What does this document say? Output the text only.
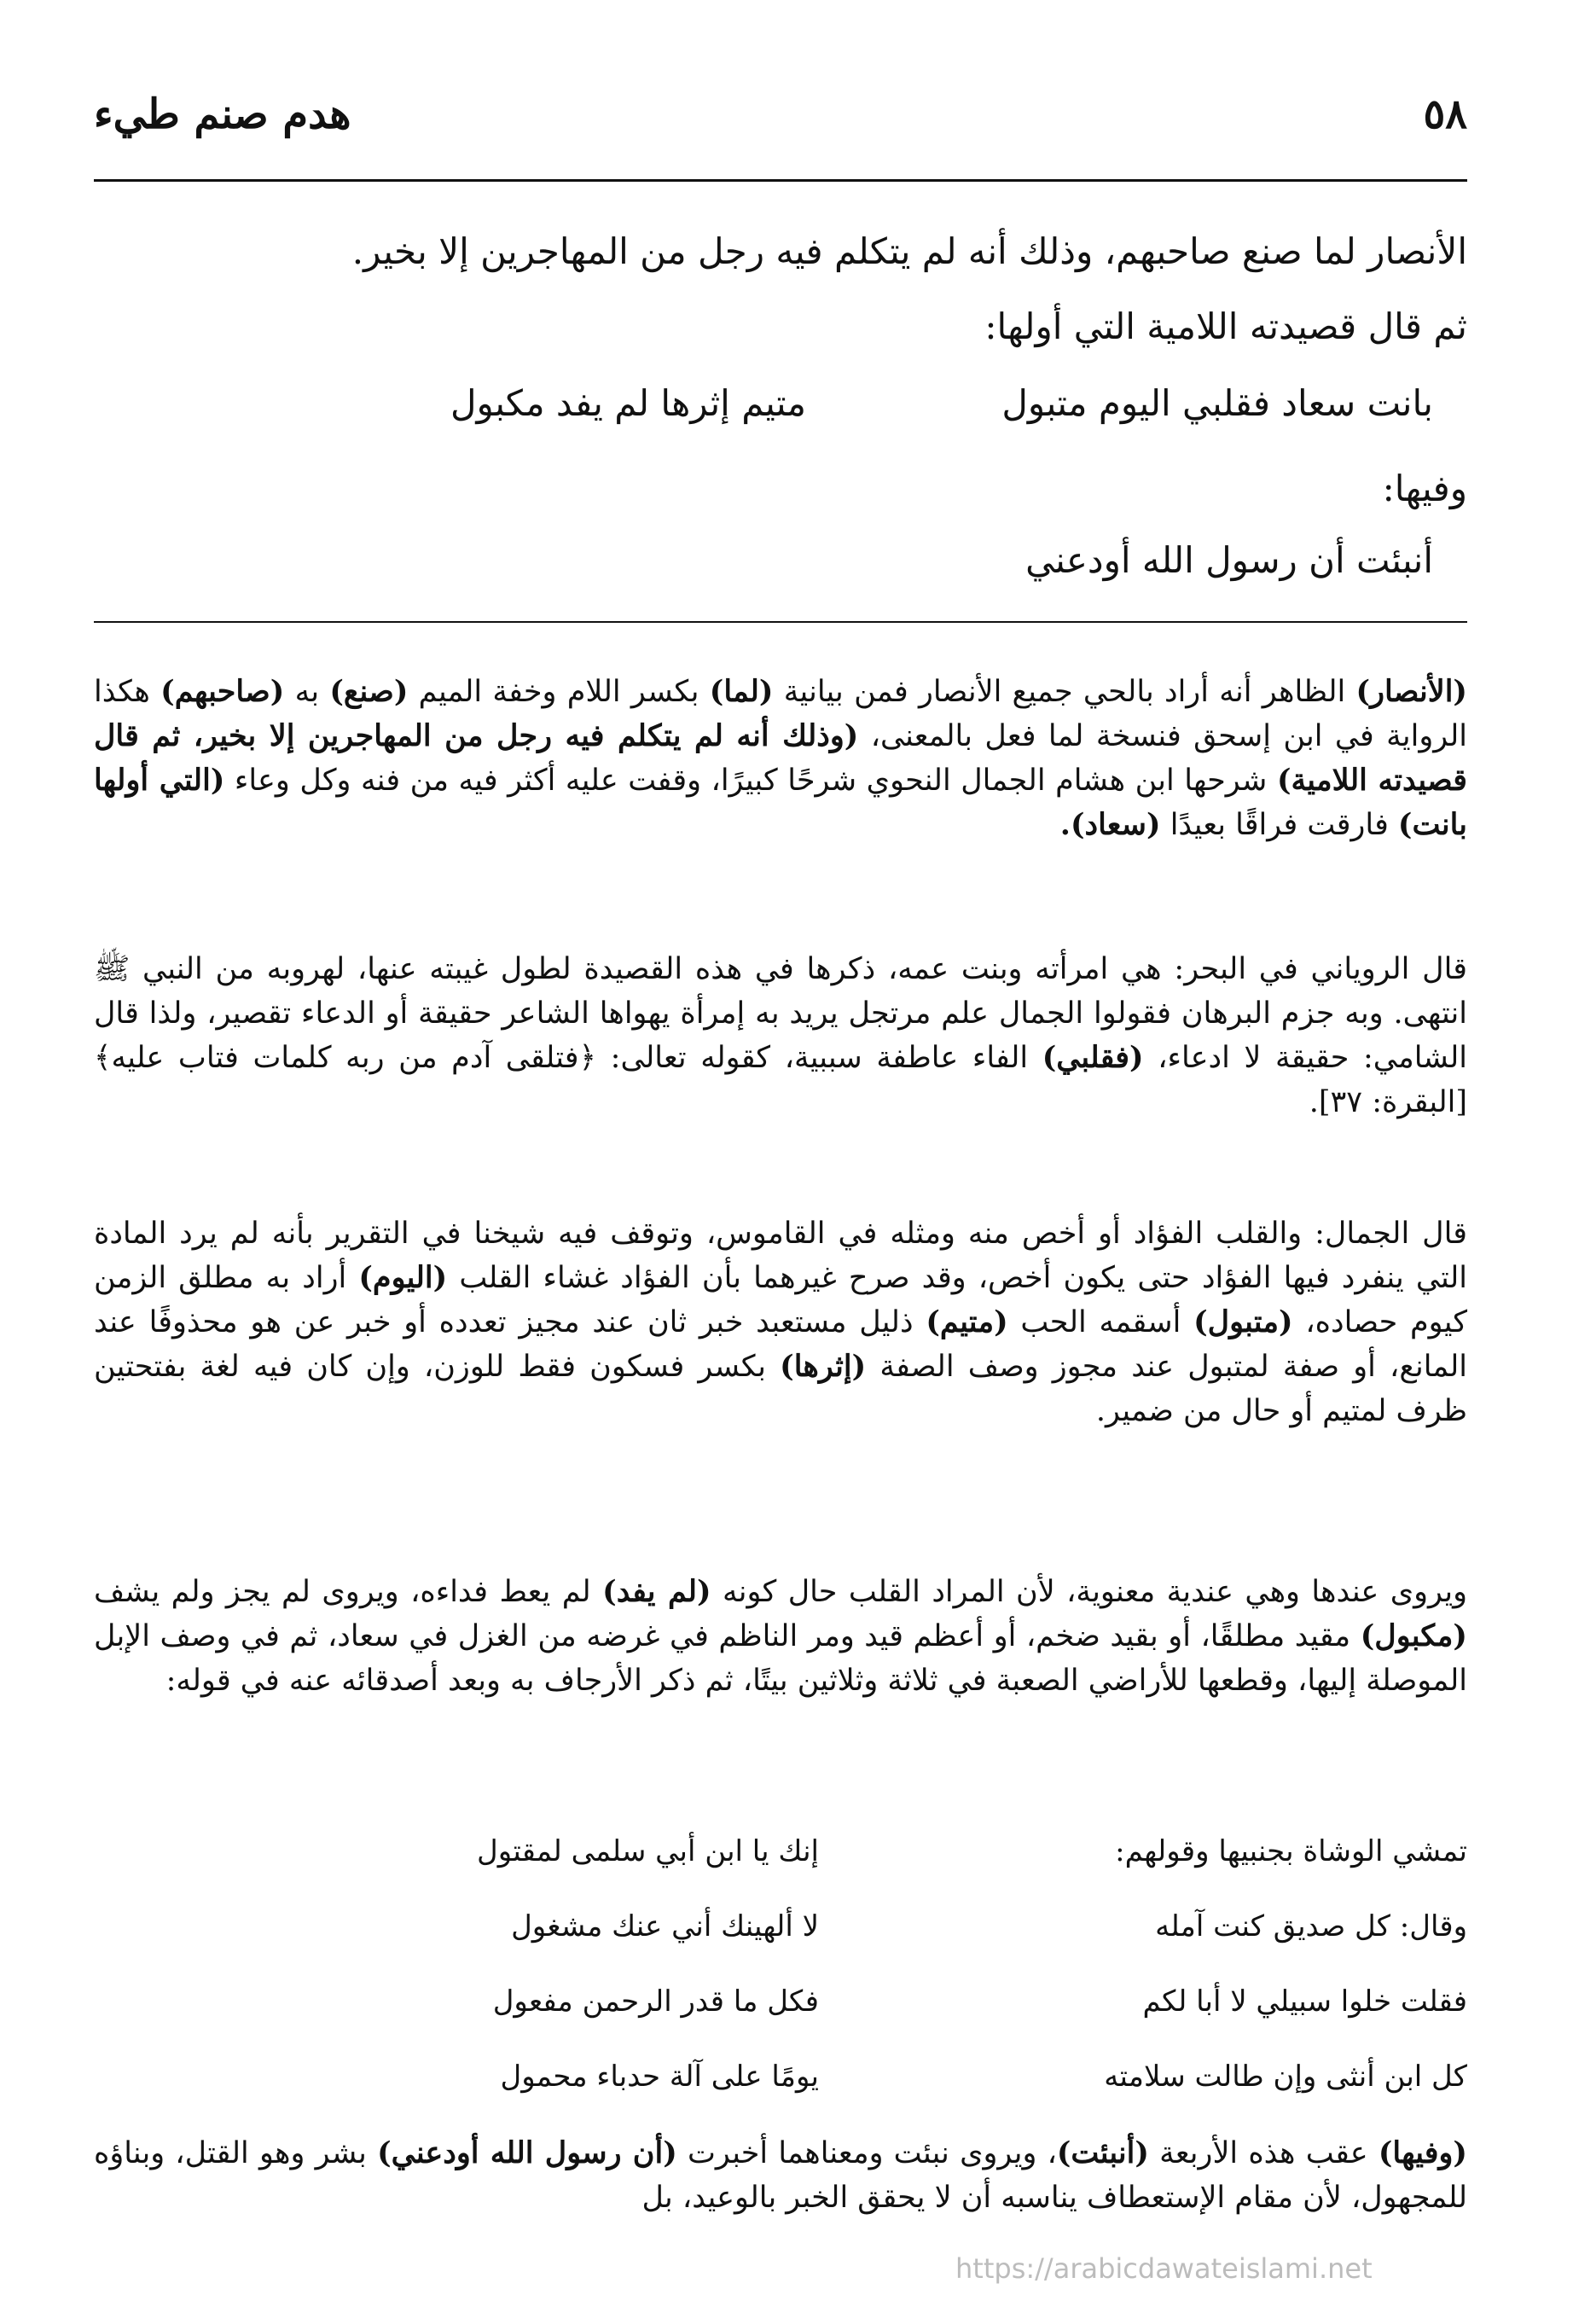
٥٨
هدم صنم طيء
الأنصار لما صنع صاحبهم، وذلك أنه لم يتكلم فيه رجل من المهاجرين إلا بخير.
ثم قال قصيدته اللامية التي أولها:
بانت سعاد فقلبي اليوم متبول
متيم إثرها لم يفد مكبول
وفيها:
أنبئت أن رسول الله أودعني
(الأنصار) الظاهر أنه أراد بالحي جميع الأنصار فمن بيانية (لما) بكسر اللام وخفة الميم (صنع) به (صاحبهم) هكذا الرواية في ابن إسحق فنسخة لما فعل بالمعنى، (وذلك أنه لم يتكلم فيه رجل من المهاجرين إلا بخير، ثم قال قصيدته اللامية) شرحها ابن هشام الجمال النحوي شرحًا كبيرًا، وقفت عليه أكثر فيه من فنه وكل وعاء (التي أولها بانت) فارقت فراقًا بعيدًا (سعاد).
قال الروياني في البحر: هي امرأته وبنت عمه، ذكرها في هذه القصيدة لطول غيبته عنها، لهروبه من النبي ﷺ انتهى. وبه جزم البرهان فقولوا الجمال علم مرتجل يريد به إمرأة يهواها الشاعر حقيقة أو الدعاء تقصير، ولذا قال الشامي: حقيقة لا ادعاء، (فقلبي) الفاء عاطفة سببية، كقوله تعالى: ﴿فتلقى آدم من ربه كلمات فتاب عليه﴾ [البقرة: ٣٧].
قال الجمال: والقلب الفؤاد أو أخص منه ومثله في القاموس، وتوقف فيه شيخنا في التقرير بأنه لم يرد المادة التي ينفرد فيها الفؤاد حتى يكون أخص، وقد صرح غيرهما بأن الفؤاد غشاء القلب (اليوم) أراد به مطلق الزمن كيوم حصاده، (متبول) أسقمه الحب (متيم) ذليل مستعبد خبر ثان عند مجيز تعدده أو خبر عن هو محذوفًا عند المانع، أو صفة لمتبول عند مجوز وصف الصفة (إثرها) بكسر فسكون فقط للوزن، وإن كان فيه لغة بفتحتين ظرف لمتيم أو حال من ضمير.
ويروى عندها وهي عندية معنوية، لأن المراد القلب حال كونه (لم يفد) لم يعط فداءه، ويروى لم يجز ولم يشف (مكبول) مقيد مطلقًا، أو بقيد ضخم، أو أعظم قيد ومر الناظم في غرضه من الغزل في سعاد، ثم في وصف الإبل الموصلة إليها، وقطعها للأراضي الصعبة في ثلاثة وثلاثين بيتًا، ثم ذكر الأرجاف به وبعد أصدقائه عنه في قوله:
تمشي الوشاة بجنبيها وقولهم:
إنك يا ابن أبي سلمى لمقتول
وقال: كل صديق كنت آمله
لا ألهينك أني عنك مشغول
فقلت خلوا سبيلي لا أبا لكم
فكل ما قدر الرحمن مفعول
كل ابن أنثى وإن طالت سلامته
يومًا على آلة حدباء محمول
(وفيها) عقب هذه الأربعة (أنبئت)، ويروى نبئت ومعناهما أخبرت (أن رسول الله أودعني) بشر وهو القتل، وبناؤه للمجهول، لأن مقام الإستعطاف يناسبه أن لا يحقق الخبر بالوعيد، بل
https://arabicdawateislami.net
